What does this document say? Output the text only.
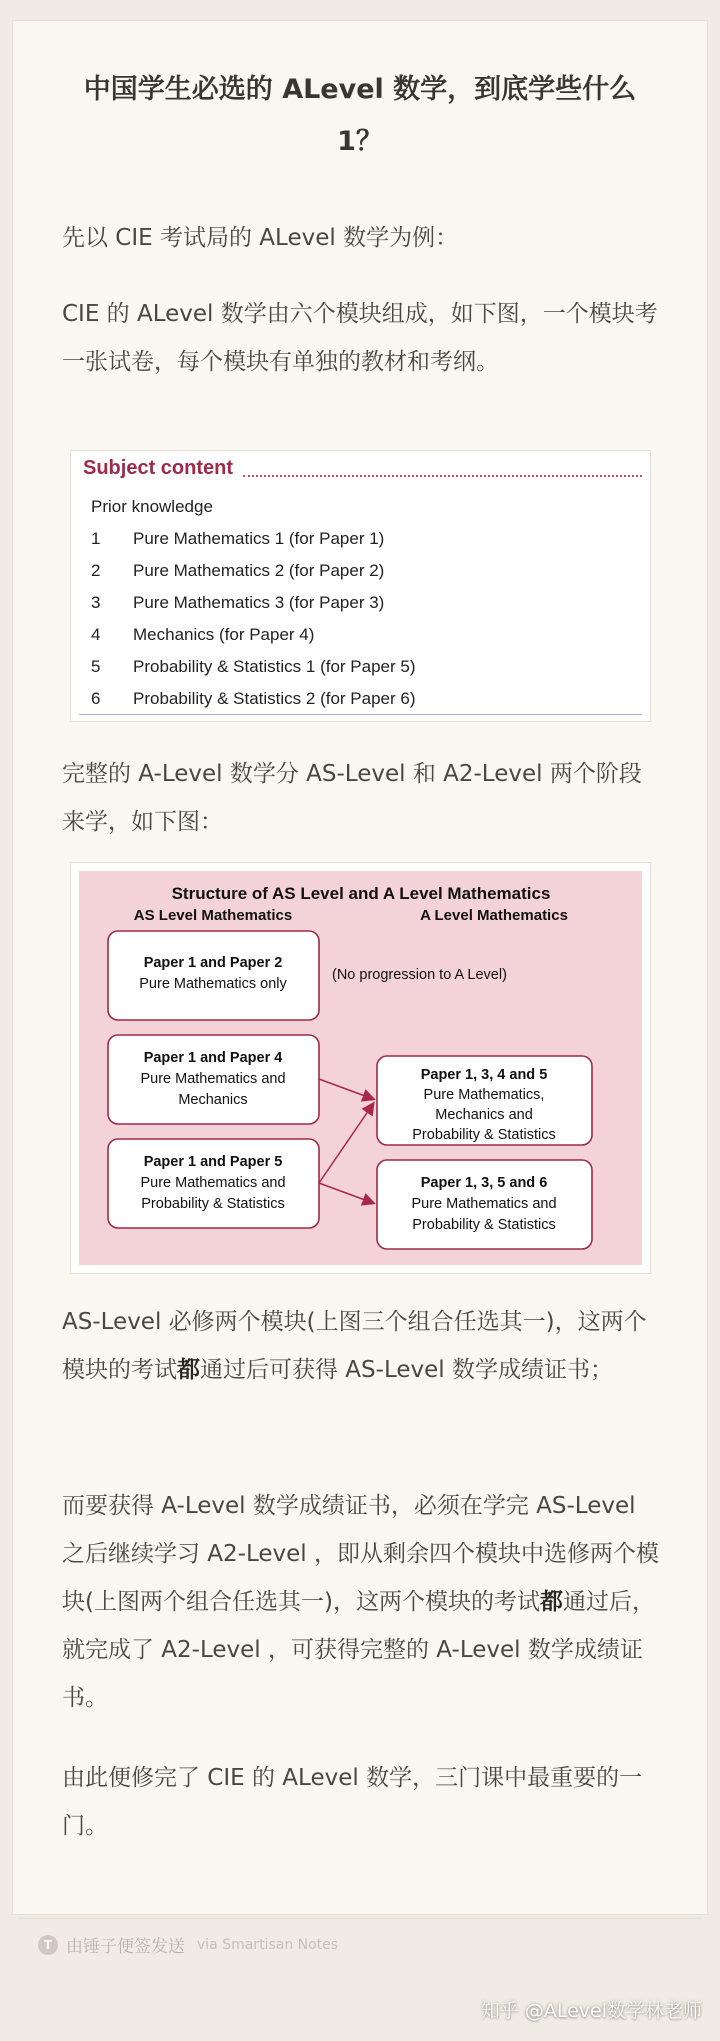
中国学生必选的 ALevel 数学，到底学些什么 1？

先以 CIE 考试局的 ALevel 数学为例：

CIE 的 ALevel 数学由六个模块组成，如下图，一个模块考一张试卷，每个模块有单独的教材和考纲。

Subject content
Prior knowledge
1 Pure Mathematics 1 (for Paper 1)
2 Pure Mathematics 2 (for Paper 2)
3 Pure Mathematics 3 (for Paper 3)
4 Mechanics (for Paper 4)
5 Probability & Statistics 1 (for Paper 5)
6 Probability & Statistics 2 (for Paper 6)

完整的 A-Level 数学分 AS-Level 和 A2-Level 两个阶段来学，如下图：

Structure of AS Level and A Level Mathematics
AS Level Mathematics	A Level Mathematics
Paper 1 and Paper 2
Pure Mathematics only
(No progression to A Level)
Paper 1 and Paper 4
Pure Mathematics and
Mechanics
Paper 1 and Paper 5
Pure Mathematics and
Probability & Statistics
Paper 1, 3, 4 and 5
Pure Mathematics,
Mechanics and
Probability & Statistics
Paper 1, 3, 5 and 6
Pure Mathematics and
Probability & Statistics

AS-Level 必修两个模块(上图三个组合任选其一)，这两个模块的考试都通过后可获得 AS-Level 数学成绩证书；

而要获得 A-Level 数学成绩证书，必须在学完 AS-Level 之后继续学习 A2-Level ，即从剩余四个模块中选修两个模块(上图两个组合任选其一)，这两个模块的考试都通过后，就完成了 A2-Level ，可获得完整的 A-Level 数学成绩证书。

由此便修完了 CIE 的 ALevel 数学，三门课中最重要的一门。

T 由锤子便签发送 via Smartisan Notes
知乎 @ALevel数学林老师
